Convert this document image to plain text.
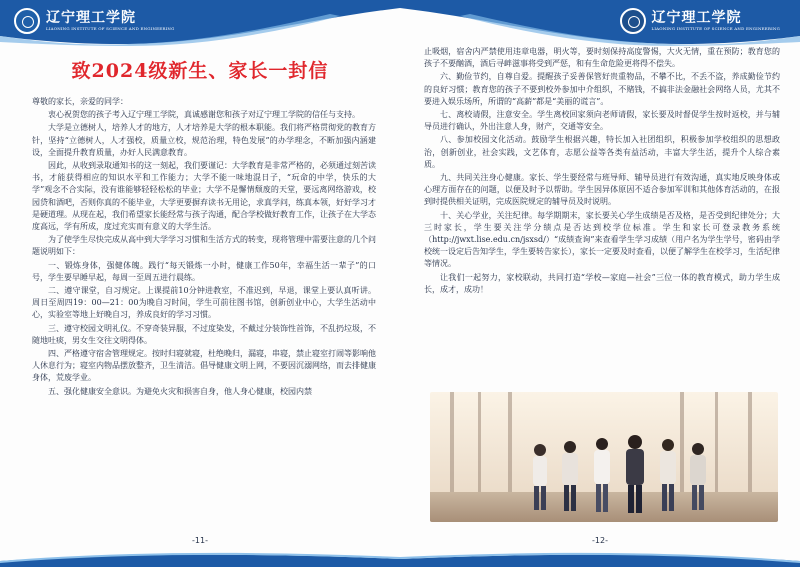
辽宁理工学院
LIAONING INSTITUTE OF SCIENCE AND ENGINEERING
致2024级新生、家长一封信

尊敬的家长，亲爱的同学：

衷心祝贺您的孩子考入辽宁理工学院，真诚感谢您和孩子对辽宁理工学院的信任与支持。

大学是立德树人，培养人才的地方，人才培养是大学的根本职能。我们将严格贯彻党的教育方针，坚持“立德树人，人才强校，质量立校，规范治理，特色发展”的办学理念，不断加强内涵建设，全面提升教育质量，办好人民满意教育。

因此，从收到录取通知书的这一刻起，我们要谨记：大学教育是非常严格的，必须通过刻苦读书，才能获得相应的知识水平和工作能力；大学不能一味地混日子，“玩命的中学，快乐的大学”观念不合实际，没有谁能够轻轻松松的毕业；大学不是懈情颓废的天堂，要远离网络游戏，校园贷和酒吧，否则你真的不能毕业，大学更要摒弃读书无用论，求真学问，练真本领，好好学习才是硬道理。从现在起，我们希望家长能经常与孩子沟通，配合学校做好教育工作，让孩子在大学态度高远，学有所成，度过充实而有意义的大学生活。

为了使学生尽快完成从高中到大学学习习惯和生活方式的转变，现将管理中需要注意的几个问题说明如下：

一、锻炼身体，强健体魄。践行“每天锻炼一小时，健康工作50年，幸福生活一辈子”的口号，学生要早睡早起，每周一至周五进行晨练。

二、遵守课堂，自习规定。上课提前10分钟进教室，不准迟到，早退，课堂上要认真听讲。周日至周四19：00—21：00为晚自习时间，学生可前往图书馆，创新创业中心，大学生活动中心，实验室等地上好晚自习，养成良好的学习习惯。

三、遵守校园文明礼仪。不穿奇装异服，不过度染发，不戴过分装饰性首饰，不乱扔垃圾，不随地吐痰，男女生交往文明得体。

四、严格遵守宿舍管理规定。按时归寝就寝，杜绝晚归，漏寝，串寝，禁止寝室打闹等影响他人休息行为；寝室内物品摆放整齐，卫生清洁。倡导健康文明上网，不要因沉溺网络，而去排健康身体，荒废学业。

五、强化健康安全意识。为避免火灾和损害自身，他人身心健康，校园内禁

-11-
辽宁理工学院
LIAONING INSTITUTE OF SCIENCE AND ENGINEERING

止吸烟，宿舍内严禁使用违章电器，明火等，要时刻保持高度警惕，大火无情，重在预防；教育您的孩子不要酗酒，酒后寻衅滋事将受到严惩，和有生命危险更将得不偿失。

六、勤俭节约，自尊自爱。提醒孩子妥善保管好贵重物品，不攀不比，不丢不盗，养成勤俭节约的良好习惯；教育您的孩子不要到校外参加中介组织，不赌钱，不搞非法金融社会网络人员，尤其不要进入娱乐场所，所谓的“高薪”都是“美丽的谎言”。

七、离校请假，注意安全。学生离校回家须向老师请假，家长要及时督促学生按时返校，并与辅导员进行确认，外出注意人身，财产，交通等安全。

八、参加校园文化活动。鼓励学生根据兴趣，特长加入社团组织，积极参加学校组织的思想政治，创新创业，社会实践，文艺体育，志愿公益等各类有益活动，丰富大学生活，提升个人综合素质。

九、共同关注身心健康。家长、学生要经常与班导师、辅导员进行有效沟通，真实地反映身体或心理方面存在的问题，以便及时予以帮助。学生因异体原因不适合参加军训和其他体育活动的，在报到时提供相关证明，完成医院规定的辅导员及时说明。

十、关心学业，关注纪律。每学期期末，家长要关心学生成绩是否及格，是否受到纪律处分；大三时家长，学生要关注学分绩点是否达到校学位标准。学生和家长可登录教务系统（http://jwxt.lise.edu.cn/jsxsd/）“成绩查询”来查看学生学习成绩（用户名为学生学号，密码由学校统一设定后告知学生，学生要转告家长），家长一定要及时查看，以便了解学生在校学习，生活纪律等情况。

让我们一起努力，家校联动，共同打造“学校—家庭—社会”三位一体的教育模式，助力学生成长，成才，成功！

-12-
